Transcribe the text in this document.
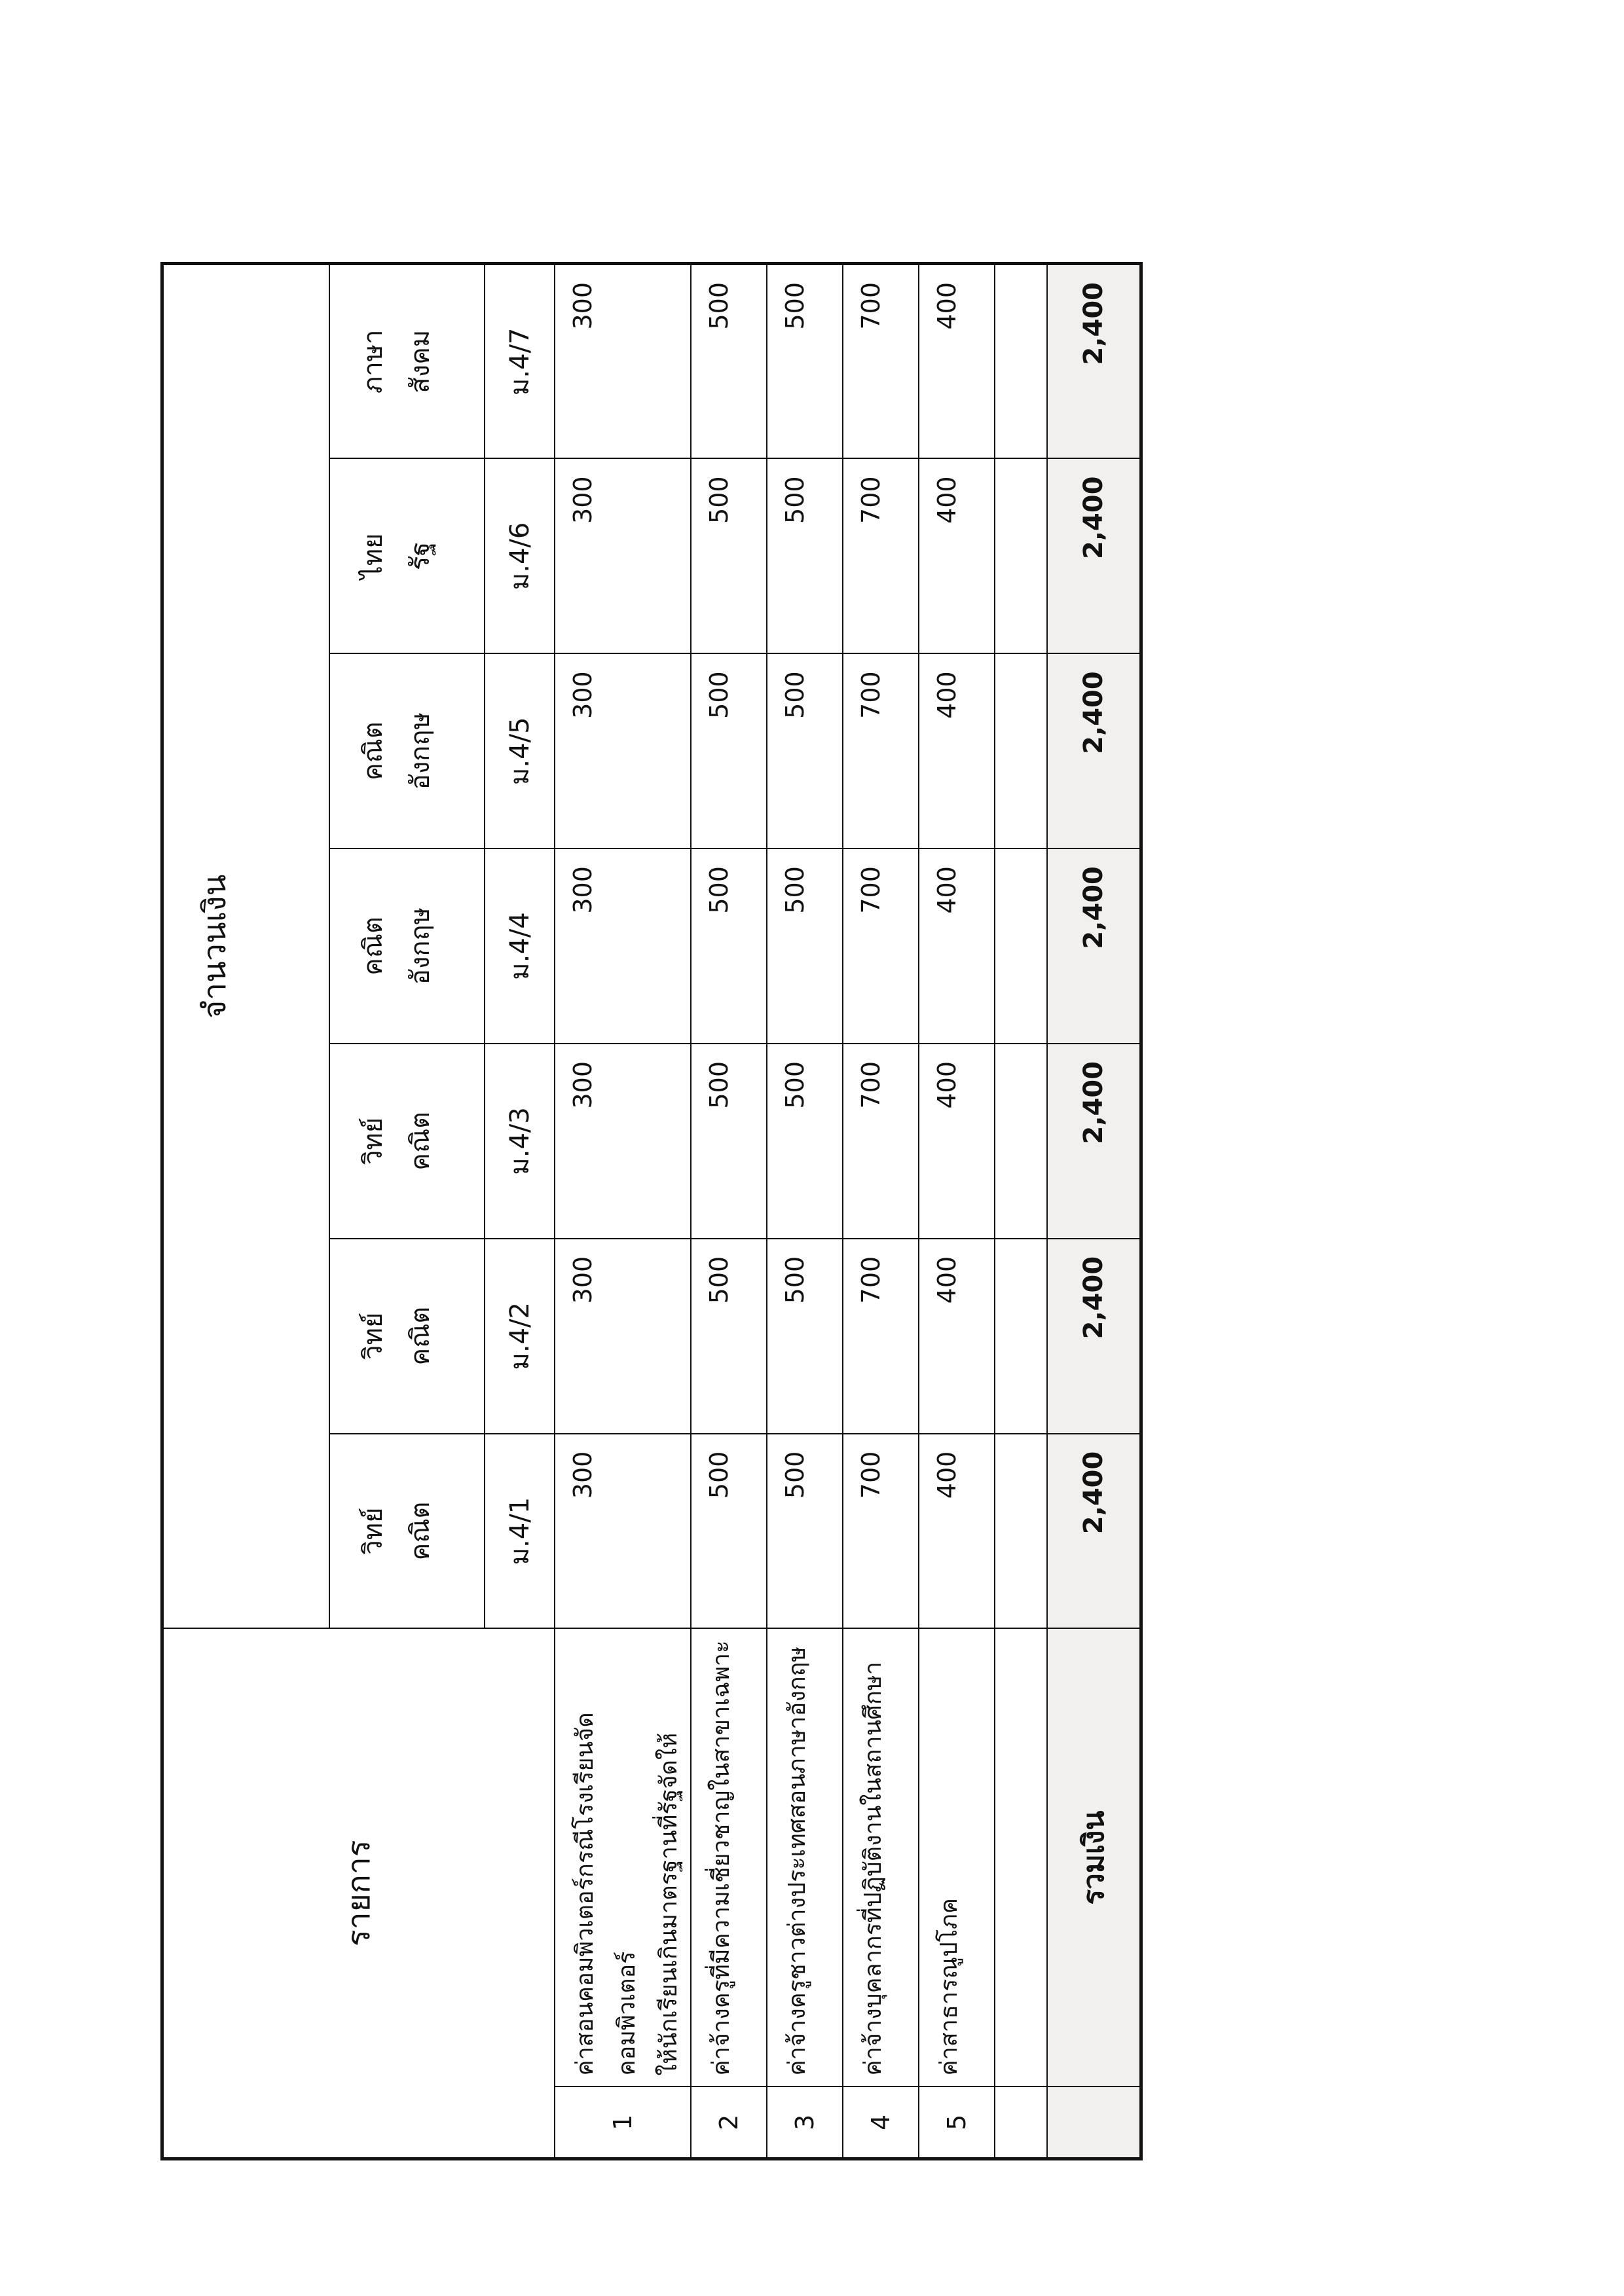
รายการ		จำนวนเงิน						

		วิทย์ คณิต	วิทย์ คณิต	วิทย์ คณิต	คณิต อังกฤษ	คณิต อังกฤษ	ไทย รัฐ	ภาษา สังคม

		ม.4/1	ม.4/2	ม.4/3	ม.4/4	ม.4/5	ม.4/6	ม.4/7
1	ค่าสอนคอมพิวเตอร์กรณีโรงเรียนจัดคอมพิวเตอร์ ให้นักเรียนเกินมาตรฐานที่รัฐจัดให้	300	300	300	300	300	300	300
2	ค่าจ้างครูที่มีความเชี่ยวชาญในสาขาเฉพาะ	500	500	500	500	500	500	500
3	ค่าจ้างครูชาวต่างประเทศสอนภาษาอังกฤษ	500	500	500	500	500	500	500
4	ค่าจ้างบุคลากรที่ปฏิบัติงานในสถานศึกษา	700	700	700	700	700	700	700
5	ค่าสาธารณูปโภค	400	400	400	400	400	400	400

	รวมเงิน	2,400	2,400	2,400	2,400	2,400	2,400	2,400
